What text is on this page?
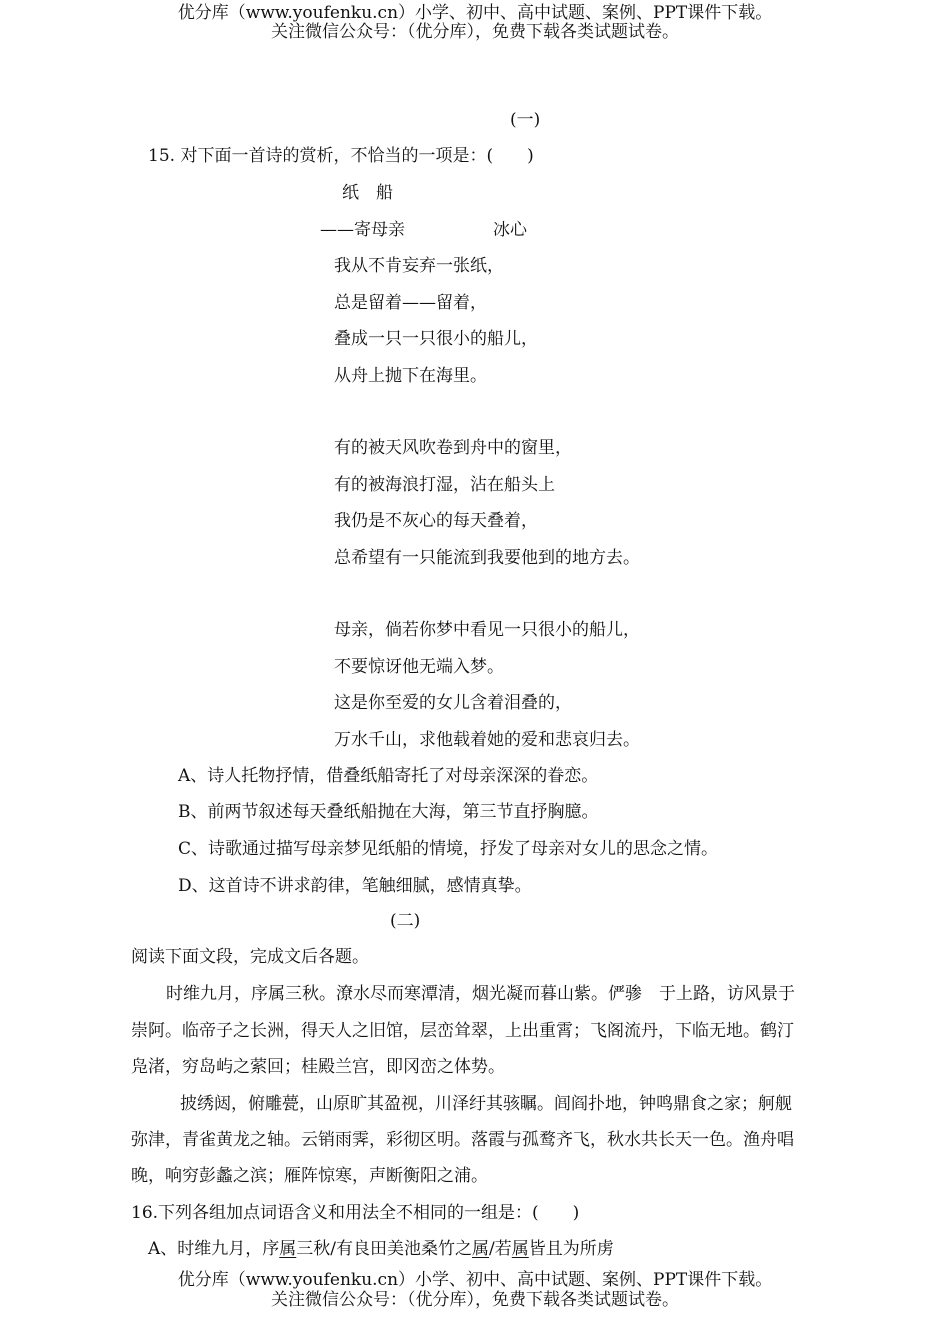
优分库（www.youfenku.cn）小学、初中、高中试题、案例、PPT课件下载。
关注微信公众号：（优分库），免费下载各类试题试卷。
(一)
15. 对下面一首诗的赏析，不恰当的一项是：(　　)
纸　船
——寄母亲	冰心
我从不肯妄弃一张纸，
总是留着——留着，
叠成一只一只很小的船儿，
从舟上抛下在海里。
有的被天风吹卷到舟中的窗里，
有的被海浪打湿，沾在船头上
我仍是不灰心的每天叠着，
总希望有一只能流到我要他到的地方去。
母亲，倘若你梦中看见一只很小的船儿，
不要惊讶他无端入梦。
这是你至爱的女儿含着泪叠的，
万水千山，求他载着她的爱和悲哀归去。
A、诗人托物抒情，借叠纸船寄托了对母亲深深的眷恋。
B、前两节叙述每天叠纸船抛在大海，第三节直抒胸臆。
C、诗歌通过描写母亲梦见纸船的情境，抒发了母亲对女儿的思念之情。
D、这首诗不讲求韵律，笔触细腻，感情真挚。
(二)
阅读下面文段，完成文后各题。
时维九月，序属三秋。潦水尽而寒潭清，烟光凝而暮山紫。俨骖　于上路，访风景于
崇阿。临帝子之长洲，得天人之旧馆，层峦耸翠，上出重霄；飞阁流丹，下临无地。鹤汀
凫渚，穷岛屿之萦回；桂殿兰宫，即冈峦之体势。
披绣闼，俯雕甍，山原旷其盈视，川泽纡其骇瞩。闾阎扑地，钟鸣鼎食之家；舸舰
弥津，青雀黄龙之轴。云销雨霁，彩彻区明。落霞与孤鹜齐飞，秋水共长天一色。渔舟唱
晚，响穷彭蠡之滨；雁阵惊寒，声断衡阳之浦。
16.下列各组加点词语含义和用法全不相同的一组是：(　　)
A、时维九月，序属三秋/有良田美池桑竹之属/若属皆且为所虏
优分库（www.youfenku.cn）小学、初中、高中试题、案例、PPT课件下载。
关注微信公众号：（优分库），免费下载各类试题试卷。
